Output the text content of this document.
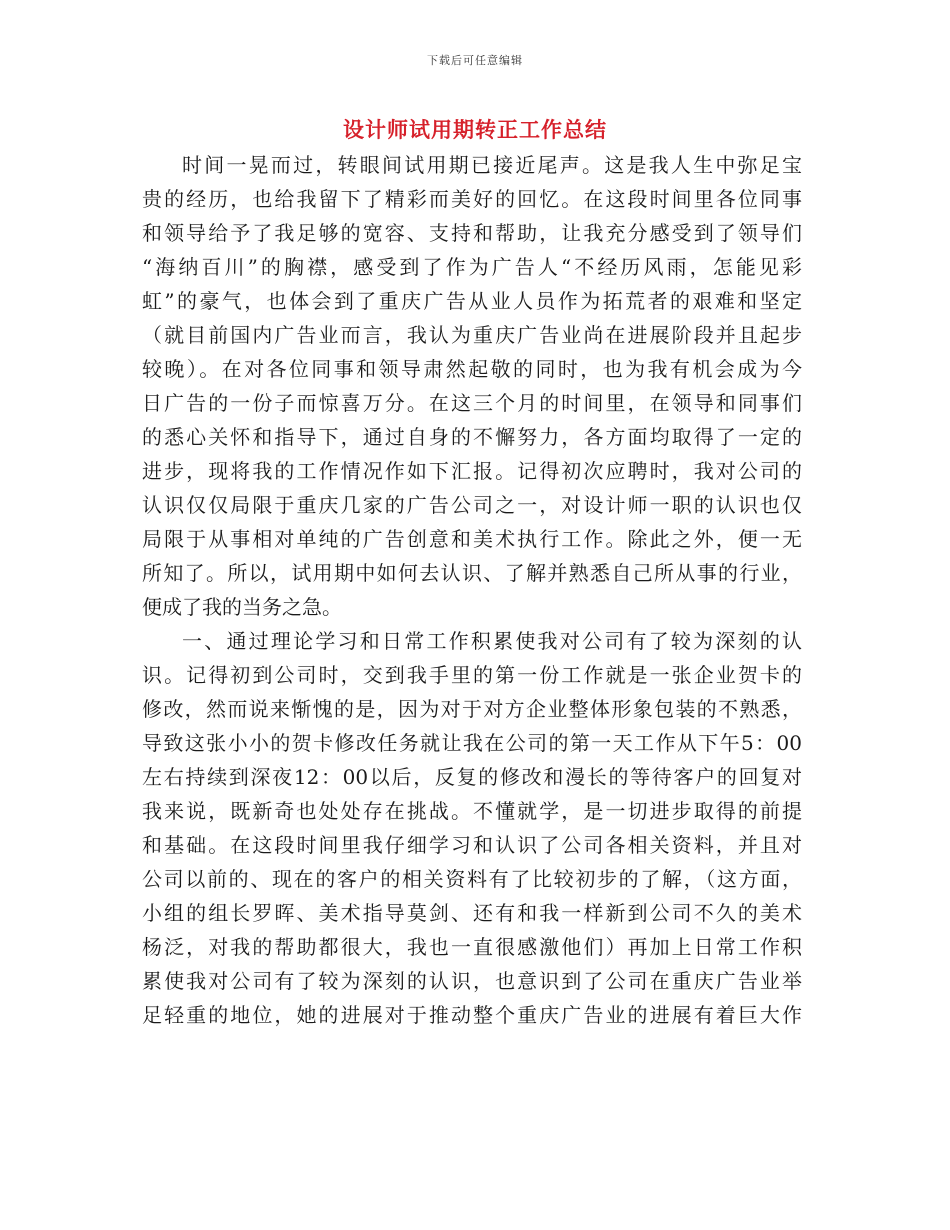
下载后可任意编辑
设计师试用期转正工作总结
时间一晃而过，转眼间试用期已接近尾声。这是我人生中弥足宝
贵的经历，也给我留下了精彩而美好的回忆。在这段时间里各位同事
和领导给予了我足够的宽容、支持和帮助，让我充分感受到了领导们
“海纳百川”的胸襟，感受到了作为广告人“不经历风雨，怎能见彩
虹”的豪气，也体会到了重庆广告从业人员作为拓荒者的艰难和坚定
（就目前国内广告业而言，我认为重庆广告业尚在进展阶段并且起步
较晚）。在对各位同事和领导肃然起敬的同时，也为我有机会成为今
日广告的一份子而惊喜万分。在这三个月的时间里，在领导和同事们
的悉心关怀和指导下，通过自身的不懈努力，各方面均取得了一定的
进步，现将我的工作情况作如下汇报。记得初次应聘时，我对公司的
认识仅仅局限于重庆几家的广告公司之一，对设计师一职的认识也仅
局限于从事相对单纯的广告创意和美术执行工作。除此之外，便一无
所知了。所以，试用期中如何去认识、了解并熟悉自己所从事的行业，
便成了我的当务之急。
一、通过理论学习和日常工作积累使我对公司有了较为深刻的认
识。记得初到公司时，交到我手里的第一份工作就是一张企业贺卡的
修改，然而说来惭愧的是，因为对于对方企业整体形象包装的不熟悉，
导致这张小小的贺卡修改任务就让我在公司的第一天工作从下午5：00
左右持续到深夜12：00以后，反复的修改和漫长的等待客户的回复对
我来说，既新奇也处处存在挑战。不懂就学，是一切进步取得的前提
和基础。在这段时间里我仔细学习和认识了公司各相关资料，并且对
公司以前的、现在的客户的相关资料有了比较初步的了解，（这方面，
小组的组长罗晖、美术指导莫剑、还有和我一样新到公司不久的美术
杨泛，对我的帮助都很大，我也一直很感激他们）再加上日常工作积
累使我对公司有了较为深刻的认识，也意识到了公司在重庆广告业举
足轻重的地位，她的进展对于推动整个重庆广告业的进展有着巨大作
